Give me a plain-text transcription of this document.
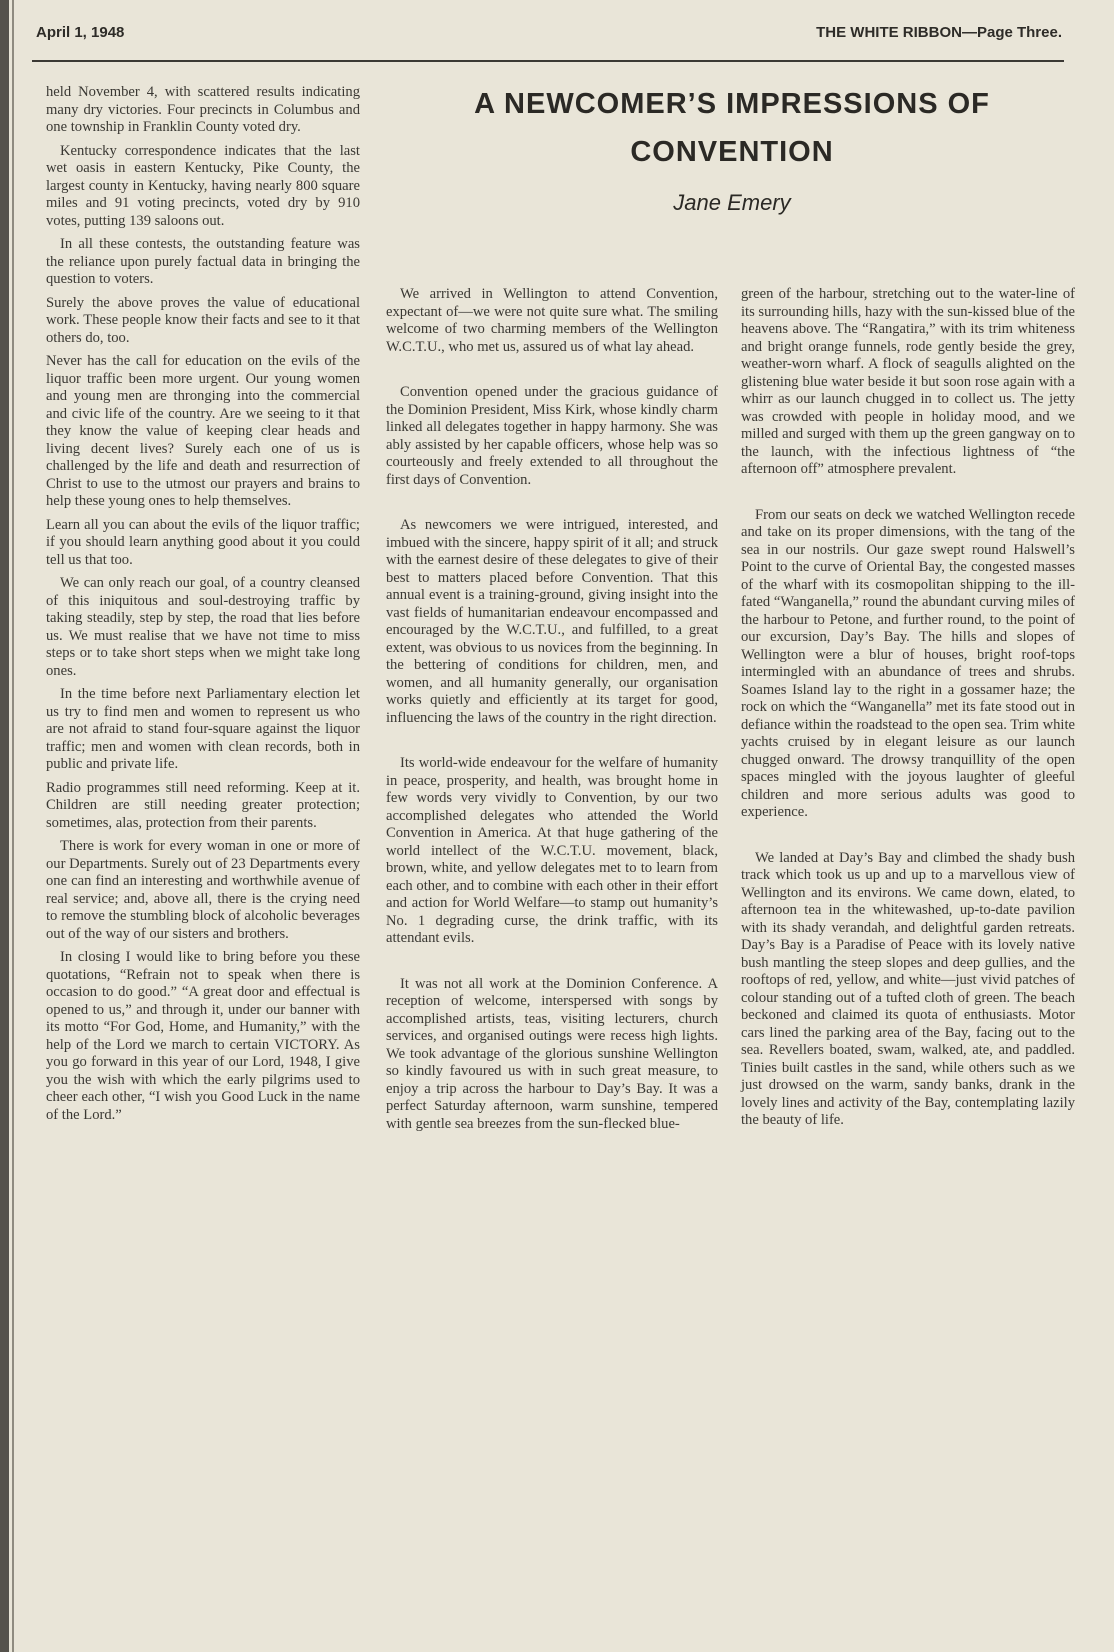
April 1, 1948	THE WHITE RIBBON—Page Three.

held November 4, with scattered results indicating many dry victories. Four precincts in Columbus and one township in Franklin County voted dry.

Kentucky correspondence indicates that the last wet oasis in eastern Kentucky, Pike County, the largest county in Kentucky, having nearly 800 square miles and 91 voting precincts, voted dry by 910 votes, putting 139 saloons out.

In all these contests, the outstanding feature was the reliance upon purely factual data in bringing the question to voters.

Surely the above proves the value of educational work. These people know their facts and see to it that others do, too.

Never has the call for education on the evils of the liquor traffic been more urgent. Our young women and young men are thronging into the commercial and civic life of the country. Are we seeing to it that they know the value of keeping clear heads and living decent lives? Surely each one of us is challenged by the life and death and resurrection of Christ to use to the utmost our prayers and brains to help these young ones to help themselves.

Learn all you can about the evils of the liquor traffic; if you should learn anything good about it you could tell us that too.

We can only reach our goal, of a country cleansed of this iniquitous and soul-destroying traffic by taking steadily, step by step, the road that lies before us. We must realise that we have not time to miss steps or to take short steps when we might take long ones.

In the time before next Parliamentary election let us try to find men and women to represent us who are not afraid to stand four-square against the liquor traffic; men and women with clean records, both in public and private life.

Radio programmes still need reforming. Keep at it. Children are still needing greater protection; sometimes, alas, protection from their parents.

There is work for every woman in one or more of our Departments. Surely out of 23 Departments every one can find an interesting and worthwhile avenue of real service; and, above all, there is the crying need to remove the stumbling block of alcoholic beverages out of the way of our sisters and brothers.

In closing I would like to bring before you these quotations, “Refrain not to speak when there is occasion to do good.” “A great door and effectual is opened to us,” and through it, under our banner with its motto “For God, Home, and Humanity,” with the help of the Lord we march to certain VICTORY. As you go forward in this year of our Lord, 1948, I give you the wish with which the early pilgrims used to cheer each other, “I wish you Good Luck in the name of the Lord.”

A NEWCOMER’S IMPRESSIONS OF
CONVENTION
Jane Emery

We arrived in Wellington to attend Convention, expectant of—we were not quite sure what. The smiling welcome of two charming members of the Wellington W.C.T.U., who met us, assured us of what lay ahead.

Convention opened under the gracious guidance of the Dominion President, Miss Kirk, whose kindly charm linked all delegates together in happy harmony. She was ably assisted by her capable officers, whose help was so courteously and freely extended to all throughout the first days of Convention.

As newcomers we were intrigued, interested, and imbued with the sincere, happy spirit of it all; and struck with the earnest desire of these delegates to give of their best to matters placed before Convention. That this annual event is a training-ground, giving insight into the vast fields of humanitarian endeavour encompassed and encouraged by the W.C.T.U., and fulfilled, to a great extent, was obvious to us novices from the beginning. In the bettering of conditions for children, men, and women, and all humanity generally, our organisation works quietly and efficiently at its target for good, influencing the laws of the country in the right direction.

Its world-wide endeavour for the welfare of humanity in peace, prosperity, and health, was brought home in few words very vividly to Convention, by our two accomplished delegates who attended the World Convention in America. At that huge gathering of the world intellect of the W.C.T.U. movement, black, brown, white, and yellow delegates met to to learn from each other, and to combine with each other in their effort and action for World Welfare—to stamp out humanity’s No. 1 degrading curse, the drink traffic, with its attendant evils.

It was not all work at the Dominion Conference. A reception of welcome, interspersed with songs by accomplished artists, teas, visiting lecturers, church services, and organised outings were recess high lights. We took advantage of the glorious sunshine Wellington so kindly favoured us with in such great measure, to enjoy a trip across the harbour to Day’s Bay. It was a perfect Saturday afternoon, warm sunshine, tempered with gentle sea breezes from the sun-flecked blue-

green of the harbour, stretching out to the water-line of its surrounding hills, hazy with the sun-kissed blue of the heavens above. The “Rangatira,” with its trim whiteness and bright orange funnels, rode gently beside the grey, weather-worn wharf. A flock of seagulls alighted on the glistening blue water beside it but soon rose again with a whirr as our launch chugged in to collect us. The jetty was crowded with people in holiday mood, and we milled and surged with them up the green gangway on to the launch, with the infectious lightness of “the afternoon off” atmosphere prevalent.

From our seats on deck we watched Wellington recede and take on its proper dimensions, with the tang of the sea in our nostrils. Our gaze swept round Halswell’s Point to the curve of Oriental Bay, the congested masses of the wharf with its cosmopolitan shipping to the ill-fated “Wanganella,” round the abundant curving miles of the harbour to Petone, and further round, to the point of our excursion, Day’s Bay. The hills and slopes of Wellington were a blur of houses, bright roof-tops intermingled with an abundance of trees and shrubs. Soames Island lay to the right in a gossamer haze; the rock on which the “Wanganella” met its fate stood out in defiance within the roadstead to the open sea. Trim white yachts cruised by in elegant leisure as our launch chugged onward. The drowsy tranquillity of the open spaces mingled with the joyous laughter of gleeful children and more serious adults was good to experience.

We landed at Day’s Bay and climbed the shady bush track which took us up and up to a marvellous view of Wellington and its environs. We came down, elated, to afternoon tea in the whitewashed, up-to-date pavilion with its shady verandah, and delightful garden retreats. Day’s Bay is a Paradise of Peace with its lovely native bush mantling the steep slopes and deep gullies, and the rooftops of red, yellow, and white—just vivid patches of colour standing out of a tufted cloth of green. The beach beckoned and claimed its quota of enthusiasts. Motor cars lined the parking area of the Bay, facing out to the sea. Revellers boated, swam, walked, ate, and paddled. Tinies built castles in the sand, while others such as we just drowsed on the warm, sandy banks, drank in the lovely lines and activity of the Bay, contemplating lazily the beauty of life.
